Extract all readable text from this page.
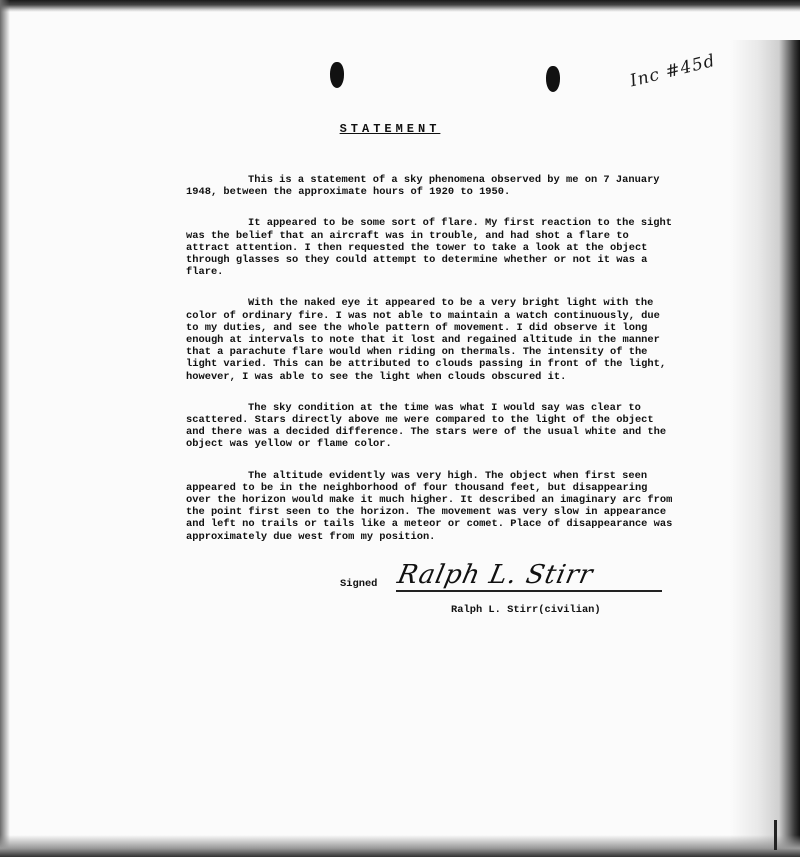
Inc #45d
STATEMENT

This is a statement of a sky phenomena observed by me on 7 January 1948, between the approximate hours of 1920 to 1950.

It appeared to be some sort of flare. My first reaction to the sight was the belief that an aircraft was in trouble, and had shot a flare to attract attention. I then requested the tower to take a look at the object through glasses so they could attempt to determine whether or not it was a flare.

With the naked eye it appeared to be a very bright light with the color of ordinary fire. I was not able to maintain a watch continuously, due to my duties, and see the whole pattern of movement. I did observe it long enough at intervals to note that it lost and regained altitude in the manner that a parachute flare would when riding on thermals. The intensity of the light varied. This can be attributed to clouds passing in front of the light, however, I was able to see the light when clouds obscured it.

The sky condition at the time was what I would say was clear to scattered. Stars directly above me were compared to the light of the object and there was a decided difference. The stars were of the usual white and the object was yellow or flame color.

The altitude evidently was very high. The object when first seen appeared to be in the neighborhood of four thousand feet, but disappearing over the horizon would make it much higher. It described an imaginary arc from the point first seen to the horizon. The movement was very slow in appearance and left no trails or tails like a meteor or comet. Place of disappearance was approximately due west from my position.

Signed Ralph L. Stirr
Ralph L. Stirr(civilian)
